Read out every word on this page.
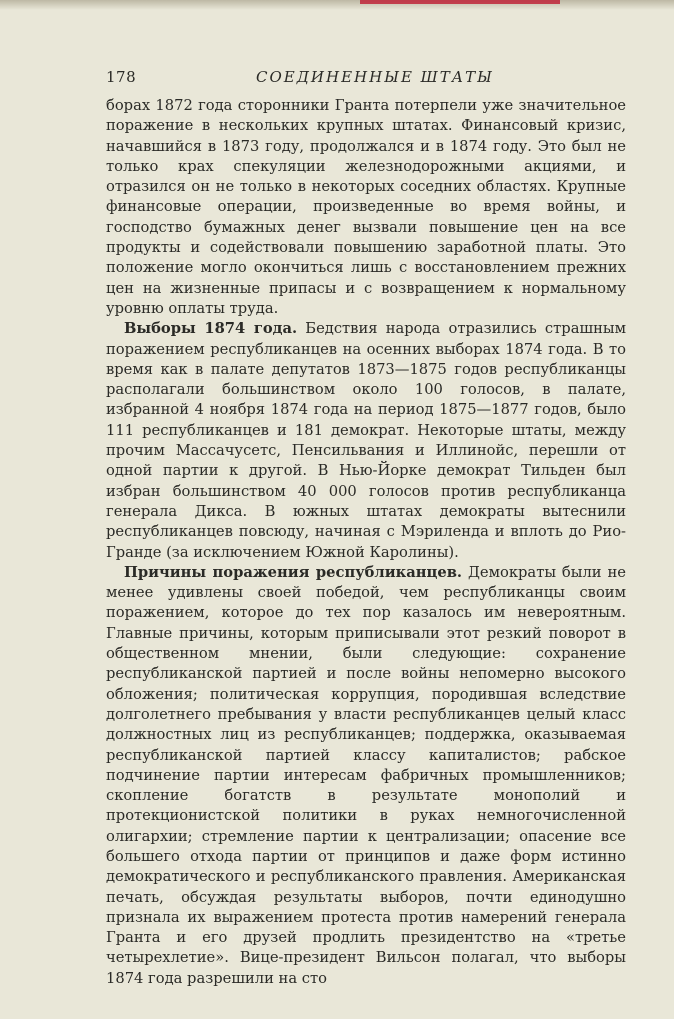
178	СОЕДИНЕННЫЕ ШТАТЫ

борах 1872 года сторонники Гранта потерпели уже значительное поражение в нескольких крупных штатах. Финансовый кризис, начавшийся в 1873 году, продолжался и в 1874 году. Это был не только крах спекуляции железнодорожными акциями, и отразился он не только в некоторых соседних областях. Крупные финансовые операции, произведенные во время войны, и господство бумажных денег вызвали повышение цен на все продукты и содействовали повышению заработной платы. Это положение могло окончиться лишь с восстановлением прежних цен на жизненные припасы и с возвращением к нормальному уровню оплаты труда.

Выборы 1874 года. Бедствия народа отразились страшным поражением республиканцев на осенних выборах 1874 года. В то время как в палате депутатов 1873—1875 годов республиканцы располагали большинством около 100 голосов, в палате, избранной 4 ноября 1874 года на период 1875—1877 годов, было 111 республиканцев и 181 демократ. Некоторые штаты, между прочим Массачусетс, Пенсильвания и Иллинойс, перешли от одной партии к другой. В Нью-Йорке демократ Тильден был избран большинством 40 000 голосов против республиканца генерала Дикса. В южных штатах демократы вытеснили республиканцев повсюду, начиная с Мэриленда и вплоть до Рио-Гранде (за исключением Южной Каролины).

Причины поражения республиканцев. Демократы были не менее удивлены своей победой, чем республиканцы своим поражением, которое до тех пор казалось им невероятным. Главные причины, которым приписывали этот резкий поворот в общественном мнении, были следующие: сохранение республиканской партией и после войны непомерно высокого обложения; политическая коррупция, породившая вследствие долголетнего пребывания у власти республиканцев целый класс должностных лиц из республиканцев; поддержка, оказываемая республиканской партией классу капиталистов; рабское подчинение партии интересам фабричных промышленников; скопление богатств в результате монополий и протекционистской политики в руках немногочисленной олигархии; стремление партии к централизации; опасение все большего отхода партии от принципов и даже форм истинно демократического и республиканского правления. Американская печать, обсуждая результаты выборов, почти единодушно признала их выражением протеста против намерений генерала Гранта и его друзей продлить президентство на «третье четырехлетие». Вице-президент Вильсон полагал, что выборы 1874 года разрешили на сто
